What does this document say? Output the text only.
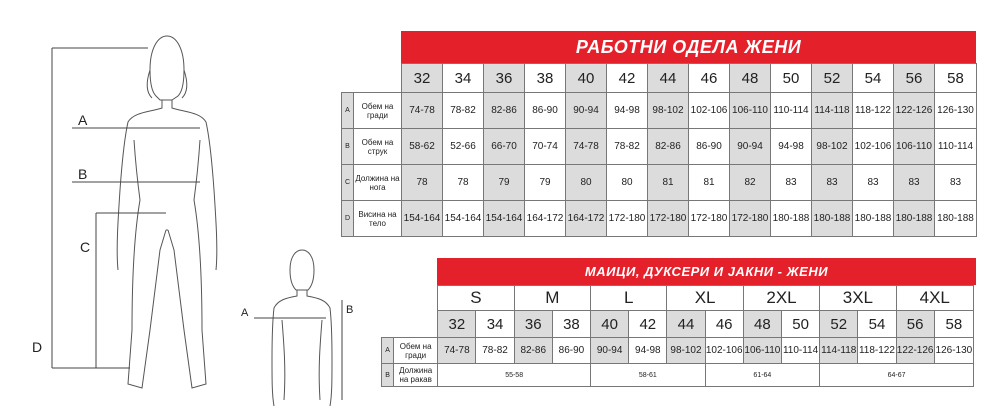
A
B
C
D
A	B
РАБОТНИ ОДЕЛА ЖЕНИ
		32	34	36	38	40	42	44	46	48	50	52	54	56	58
A	Обем на гради	74-78	78-82	82-86	86-90	90-94	94-98	98-102	102-106	106-110	110-114	114-118	118-122	122-126	126-130
B	Обем на струк	58-62	52-66	66-70	70-74	74-78	78-82	82-86	86-90	90-94	94-98	98-102	102-106	106-110	110-114
C	Должина на нога	78	78	79	79	80	80	81	81	82	83	83	83	83	83
D	Висина на тело	154-164	154-164	154-164	164-172	164-172	172-180	172-180	172-180	172-180	180-188	180-188	180-188	180-188	180-188
МАИЦИ, ДУКСЕРИ И ЈАКНИ - ЖЕНИ
		S		M		L		XL		2XL		3XL		4XL	
		32	34	36	38	40	42	44	46	48	50	52	54	56	58
A	Обем на гради	74-78	78-82	82-86	86-90	90-94	94-98	98-102	102-106	106-110	110-114	114-118	118-122	122-126	126-130
B	Должина на ракав	55-58				58-61			61-64			64-67			
